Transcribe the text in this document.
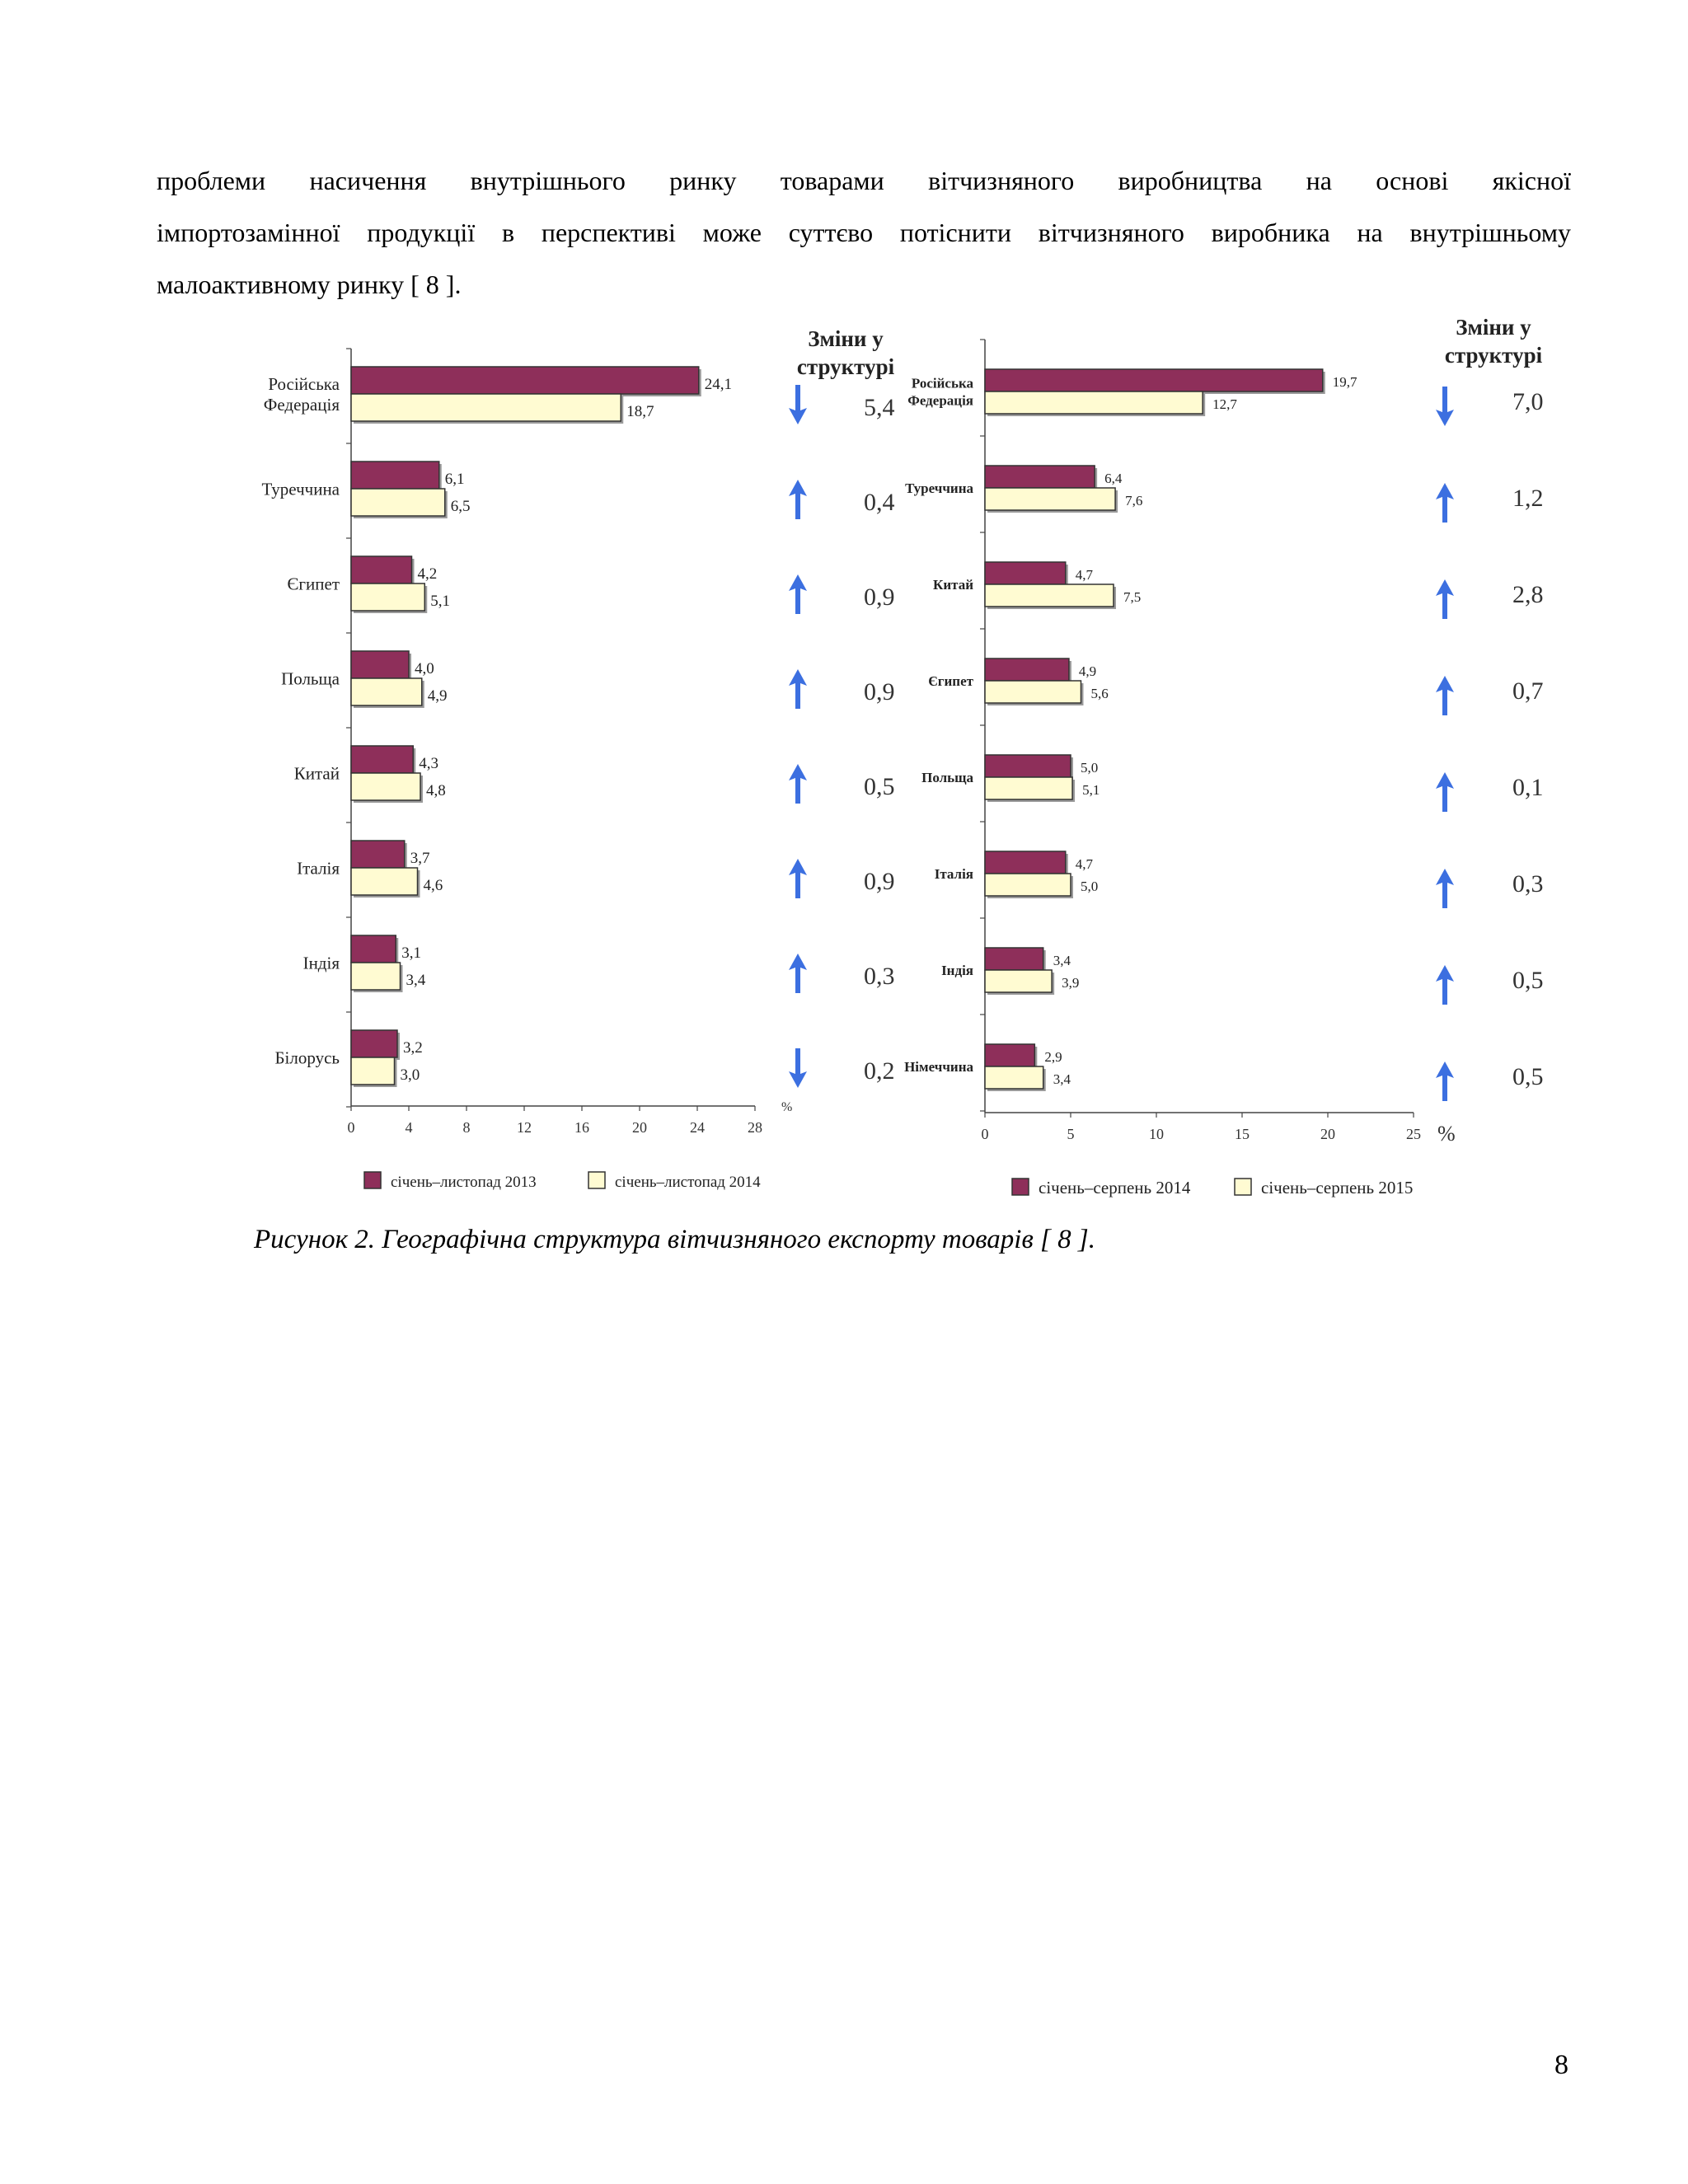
проблеми насичення внутрішнього ринку товарами вітчизняного виробництва на основі якісної
імпортозамінної продукції в перспективі може суттєво потіснити вітчизняного виробника на внутрішньому
малоактивному ринку [ 8 ].
0	4	8	12	16	20	24	28
%
24,1
18,7
Російська
Федерація	5,4
6,1
6,5
Туреччина	0,4
4,2
5,1
Єгипет	0,9
4,0
4,9
Польща	0,9
4,3
4,8
Китай	0,5
3,7
4,6
Італія	0,9
3,1
3,4
Індія	0,3
3,2
3,0
Білорусь	0,2
Зміни у
структурі
січень–листопад 2013	січень–листопад 2014
0	5	10	15	20	25 %
19,7
12,7
Російська
Федерація	7,0
6,4
7,6
Туреччина	1,2
4,7
7,5
Китай	2,8
4,9
5,6
Єгипет	0,7
5,0
5,1
Польща	0,1
4,7
5,0
Італія	0,3
3,4
3,9
Індія	0,5
2,9
3,4
Німеччина	0,5
Зміни у
структурі
січень–серпень 2014	січень–серпень 2015
Рисунок 2. Географічна структура вітчизняного експорту товарів [ 8 ].
8
